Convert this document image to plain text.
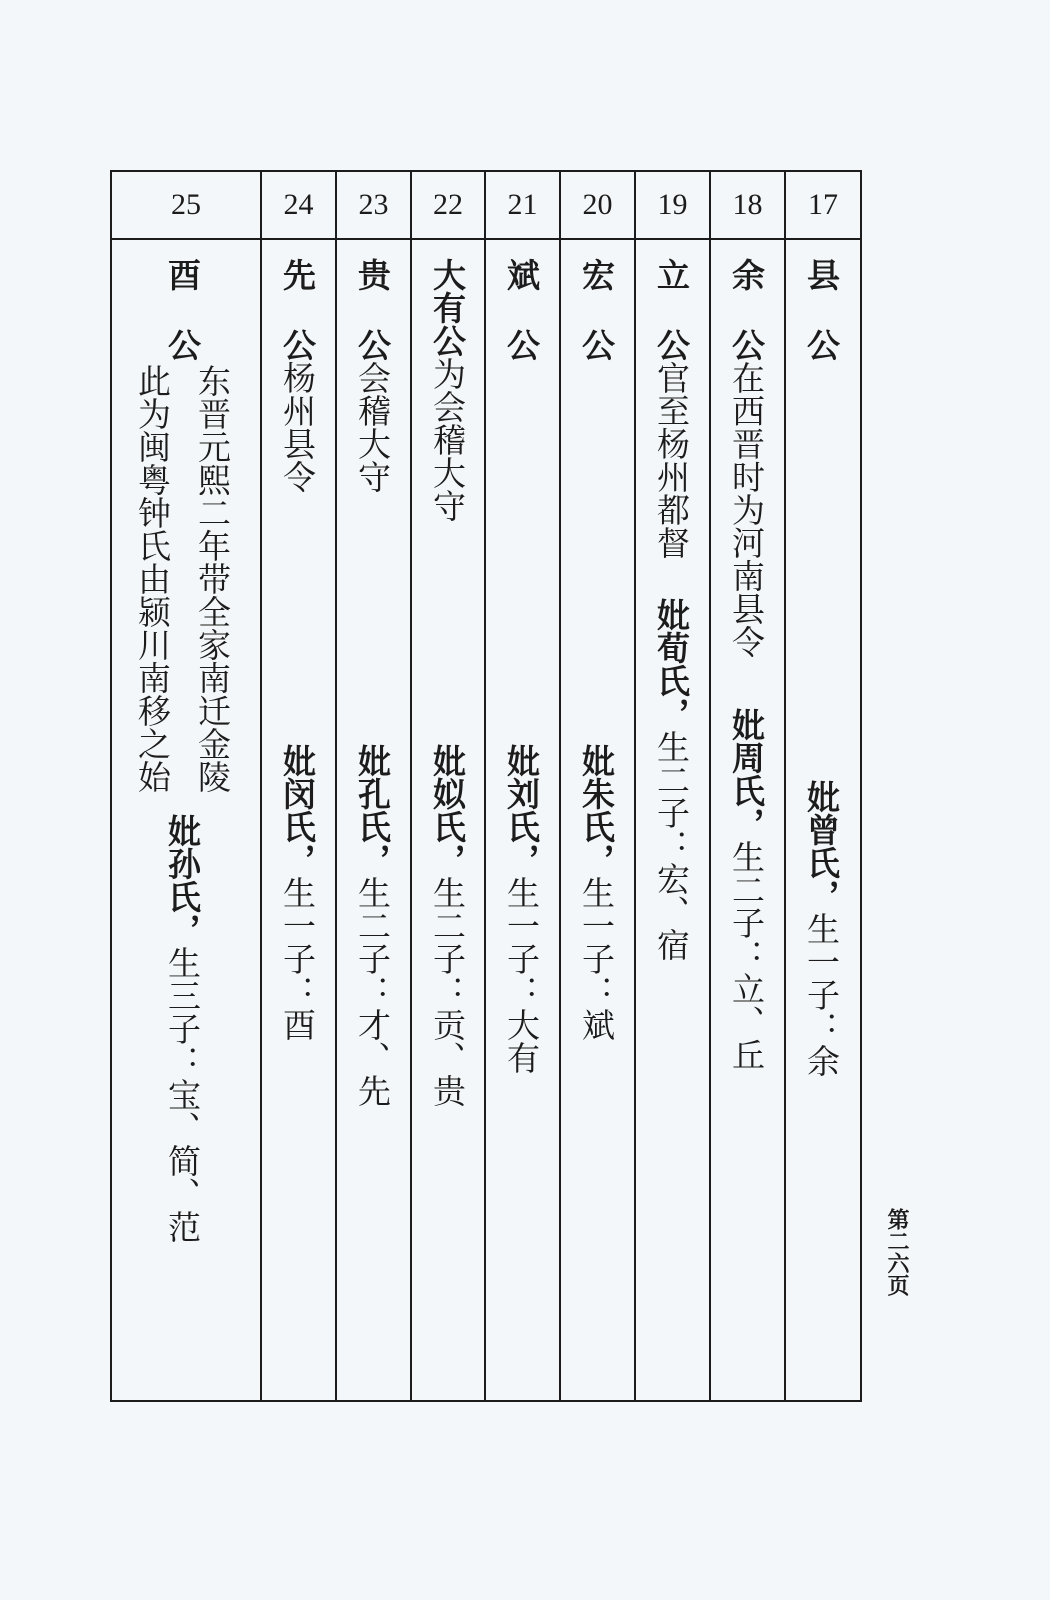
25
酉
公
东晋元熙二年带全家南迁金陵
此为闽粤钟氏由颍川南移之始
妣孙氏，生三子：宝、简、范
24
先
公杨州县令
妣闵氏，生一子：酉
23
贵
公会稽大守
妣孔氏，生二子：才、先
22
大有公为会稽大守
妣姒氏，生二子：贡、贵
21
斌
公
妣刘氏，生一子：大有
20
宏
公
妣朱氏，生一子：斌
19
立
公官至杨州都督
妣荀氏，生二子：宏、宿
18
余
公在西晋时为河南县令
妣周氏，生二子：立、丘
17
县
公
妣曾氏，生一子：余
第二六页
